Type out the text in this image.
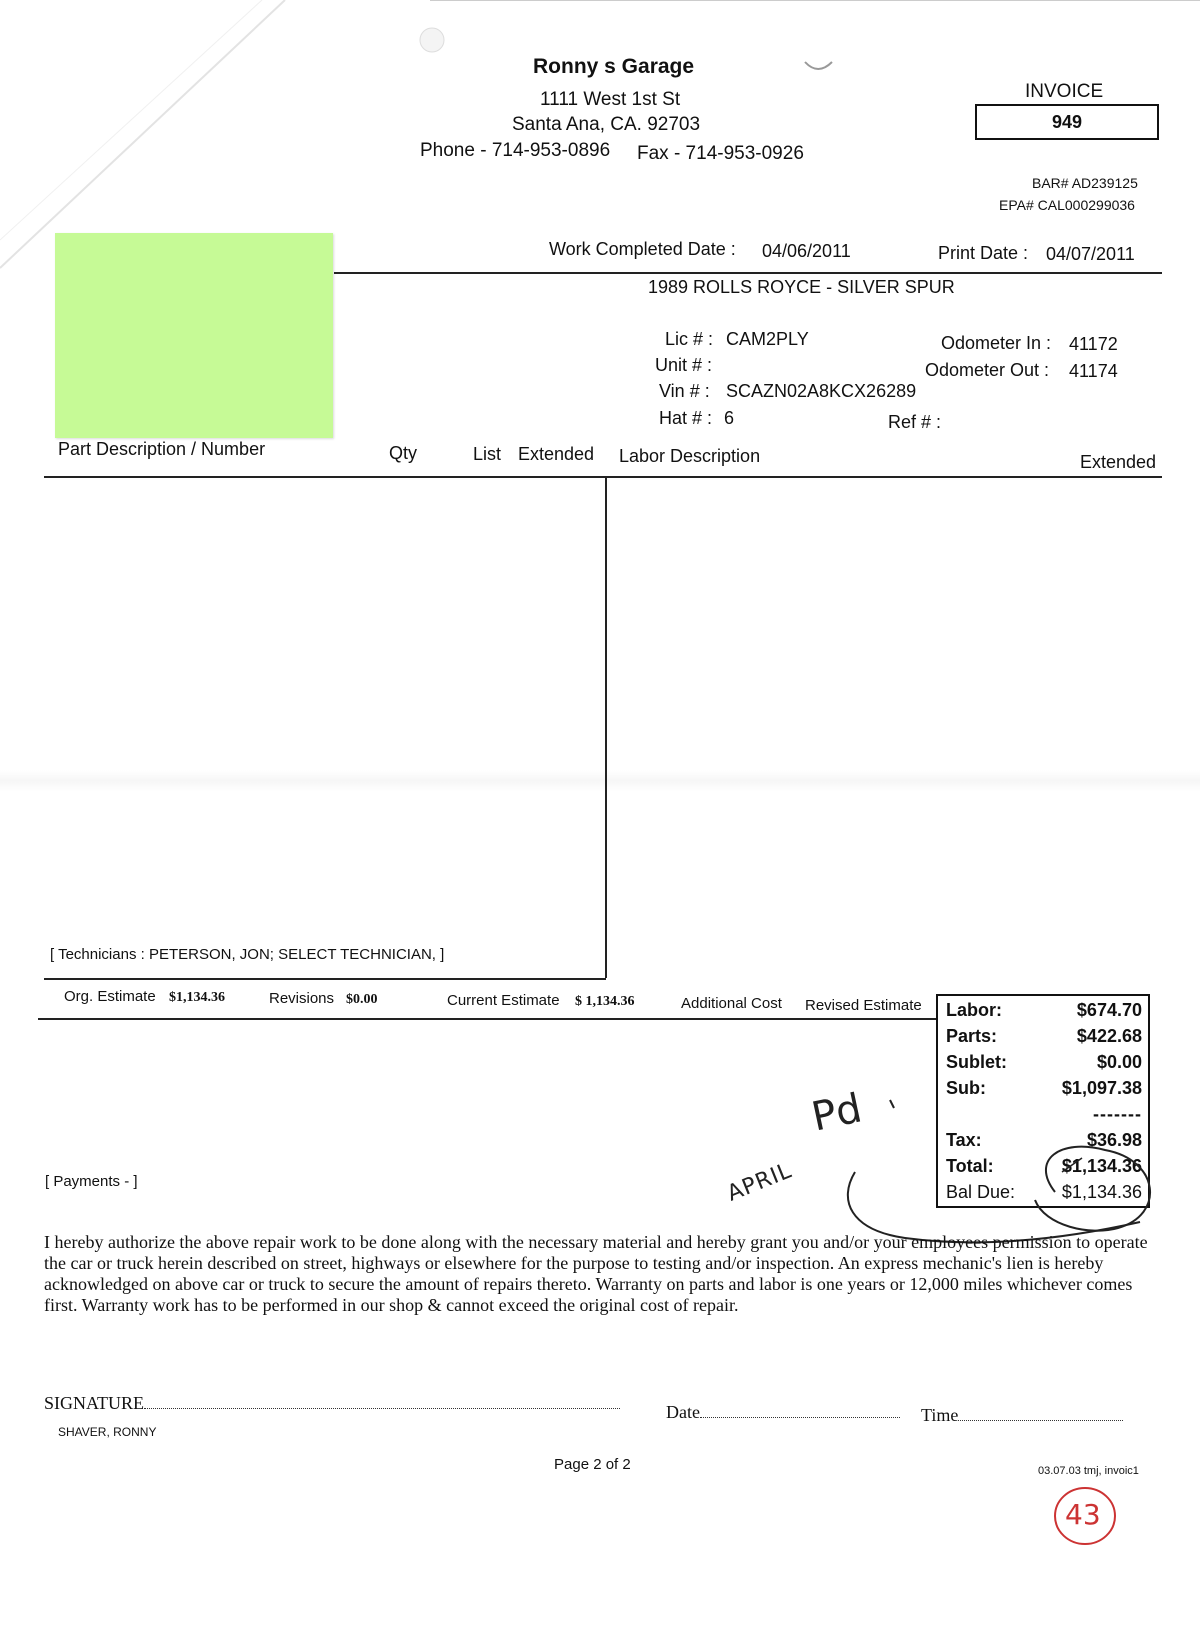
Ronny s Garage
1111 West 1st St
Santa Ana, CA. 92703
Phone - 714-953-0896 Fax - 714-953-0926
INVOICE
949
BAR# AD239125
EPA# CAL000299036
Work Completed Date : 04/06/2011	Print Date : 04/07/2011
1989 ROLLS ROYCE - SILVER SPUR
Lic # : CAM2PLY
Unit # :
Vin # : SCAZN02A8KCX26289
Hat # : 6	Ref # :
Odometer In : 41172
Odometer Out : 41174
Part Description / Number	Qty	List Extended Labor Description	Extended
[ Technicians : PETERSON, JON; SELECT TECHNICIAN, ]
Org. Estimate $1,134.36	Revisions $0.00	Current Estimate $ 1,134.36	Additional Cost Revised Estimate Labor:	$674.70
Parts:	$422.68
Sublet:	$0.00
Sub:	$1,097.38
-------
Tax:	$36.98
Total:	$1,134.36
Bal Due:	$1,134.36
[ Payments - ]
Pd
APRIL
43
I hereby authorize the above repair work to be done along with the necessary material and hereby grant you and/or your employees permission to operate the car or truck herein described on street, highways or elsewhere for the purpose to testing and/or inspection. An express mechanic's lien is hereby acknowledged on above car or truck to secure the amount of repairs thereto. Warranty on parts and labor is one years or 12,000 miles whichever comes first. Warranty work has to be performed in our shop & cannot exceed the original cost of repair.
SIGNATURE
SHAVER, RONNY
Date	Time
Page 2 of 2	03.07.03 tmj, invoic1
